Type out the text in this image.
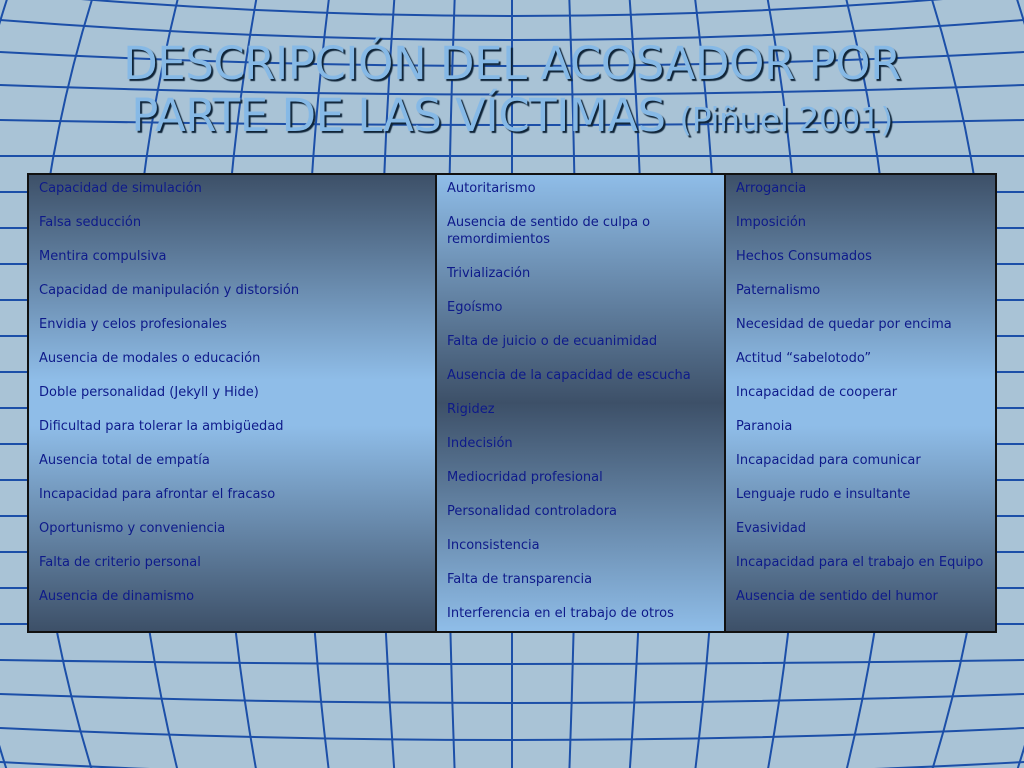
DESCRIPCIÓN DEL ACOSADOR POR
PARTE DE LAS VÍCTIMAS (Piñuel 2001)
Capacidad de simulación
Falsa seducción
Mentira compulsiva
Capacidad de manipulación y distorsión
Envidia y celos profesionales
Ausencia de modales o educación
Doble personalidad (Jekyll y Hide)
Dificultad para tolerar la ambigüedad
Ausencia total de empatía
Incapacidad para afrontar el fracaso
Oportunismo y conveniencia
Falta de criterio personal
Ausencia de dinamismo
Autoritarismo
Ausencia de sentido de culpa o remordimientos
Trivialización
Egoísmo
Falta de juicio o de ecuanimidad
Ausencia de la capacidad de escucha
Rigidez
Indecisión
Mediocridad profesional
Personalidad controladora
Inconsistencia
Falta de transparencia
Interferencia en el trabajo de otros
Arrogancia
Imposición
Hechos Consumados
Paternalismo
Necesidad de quedar por encima
Actitud “sabelotodo”
Incapacidad de cooperar
Paranoia
Incapacidad para comunicar
Lenguaje rudo e insultante
Evasividad
Incapacidad para el trabajo en Equipo
Ausencia de sentido del humor
